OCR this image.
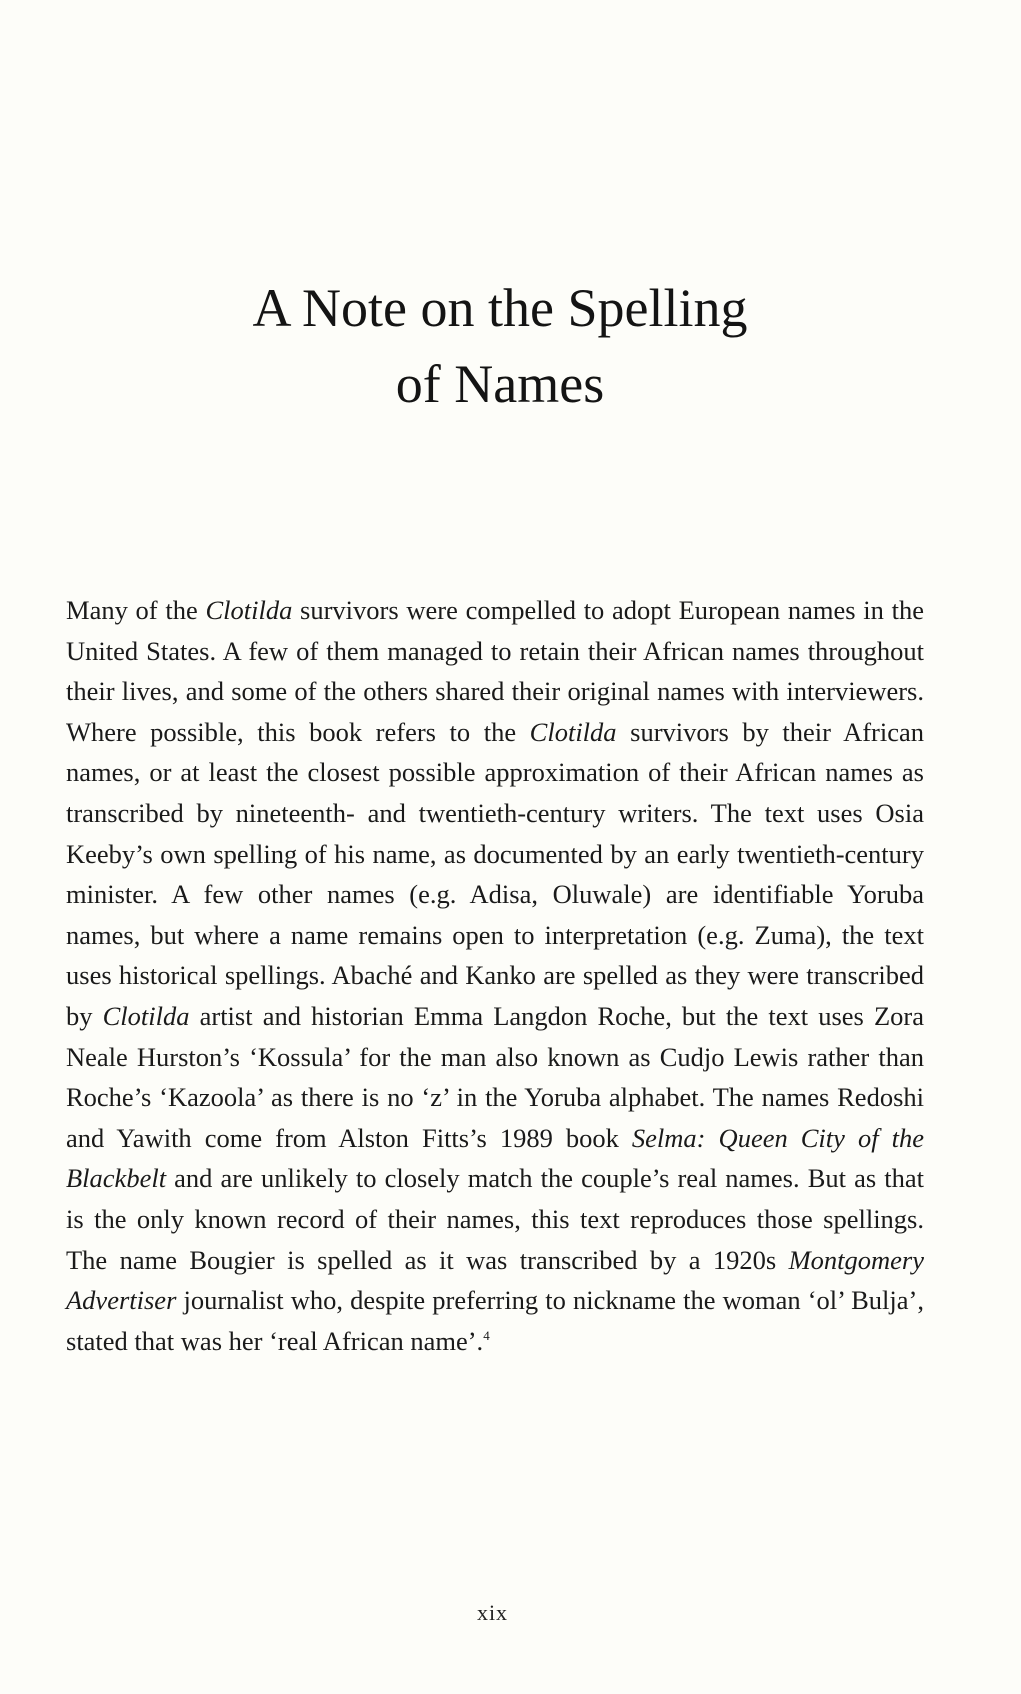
A Note on the Spelling
of Names

Many of the Clotilda survivors were compelled to adopt European names in the United States. A few of them managed to retain their African names throughout their lives, and some of the others shared their original names with interviewers. Where possible, this book refers to the Clotilda survivors by their African names, or at least the closest possible approximation of their African names as transcribed by nineteenth- and twentieth-century writers. The text uses Osia Keeby’s own spelling of his name, as documented by an early twentieth-century minister. A few other names (e.g. Adisa, Oluwale) are identifiable Yoruba names, but where a name remains open to interpretation (e.g. Zuma), the text uses historical spellings. Abaché and Kanko are spelled as they were transcribed by Clotilda artist and historian Emma Langdon Roche, but the text uses Zora Neale Hurston’s ‘Kossula’ for the man also known as Cudjo Lewis rather than Roche’s ‘Kazoola’ as there is no ‘z’ in the Yoruba alphabet. The names Redoshi and Yawith come from Alston Fitts’s 1989 book Selma: Queen City of the Blackbelt and are unlikely to closely match the couple’s real names. But as that is the only known record of their names, this text reproduces those spellings. The name Bougier is spelled as it was transcribed by a 1920s Montgomery Advertiser journalist who, despite preferring to nickname the woman ‘ol’ Bulja’, stated that was her ‘real African name’.$^4$

xix
